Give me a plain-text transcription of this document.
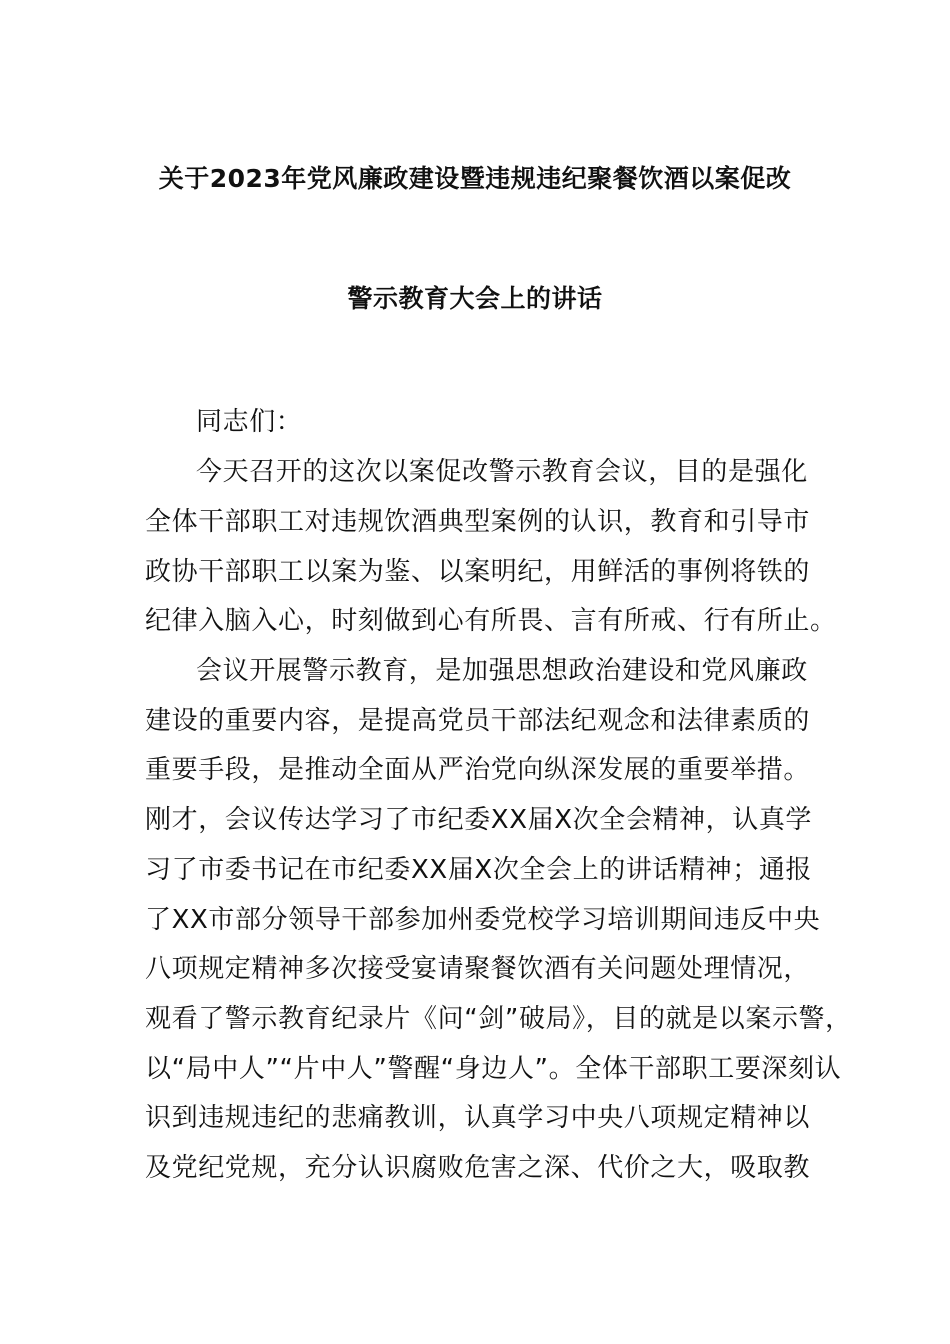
关于2023年党风廉政建设暨违规违纪聚餐饮酒以案促改
警示教育大会上的讲话
同志们：
今天召开的这次以案促改警示教育会议，目的是强化
全体干部职工对违规饮酒典型案例的认识，教育和引导市
政协干部职工以案为鉴、以案明纪，用鲜活的事例将铁的
纪律入脑入心，时刻做到心有所畏、言有所戒、行有所止。
会议开展警示教育，是加强思想政治建设和党风廉政
建设的重要内容，是提高党员干部法纪观念和法律素质的
重要手段，是推动全面从严治党向纵深发展的重要举措。
刚才，会议传达学习了市纪委XX届X次全会精神，认真学
习了市委书记在市纪委XX届X次全会上的讲话精神；通报
了XX市部分领导干部参加州委党校学习培训期间违反中央
八项规定精神多次接受宴请聚餐饮酒有关问题处理情况，
观看了警示教育纪录片《问“剑”破局》，目的就是以案示警，
以“局中人”“片中人”警醒“身边人”。全体干部职工要深刻认
识到违规违纪的悲痛教训，认真学习中央八项规定精神以
及党纪党规，充分认识腐败危害之深、代价之大，吸取教
